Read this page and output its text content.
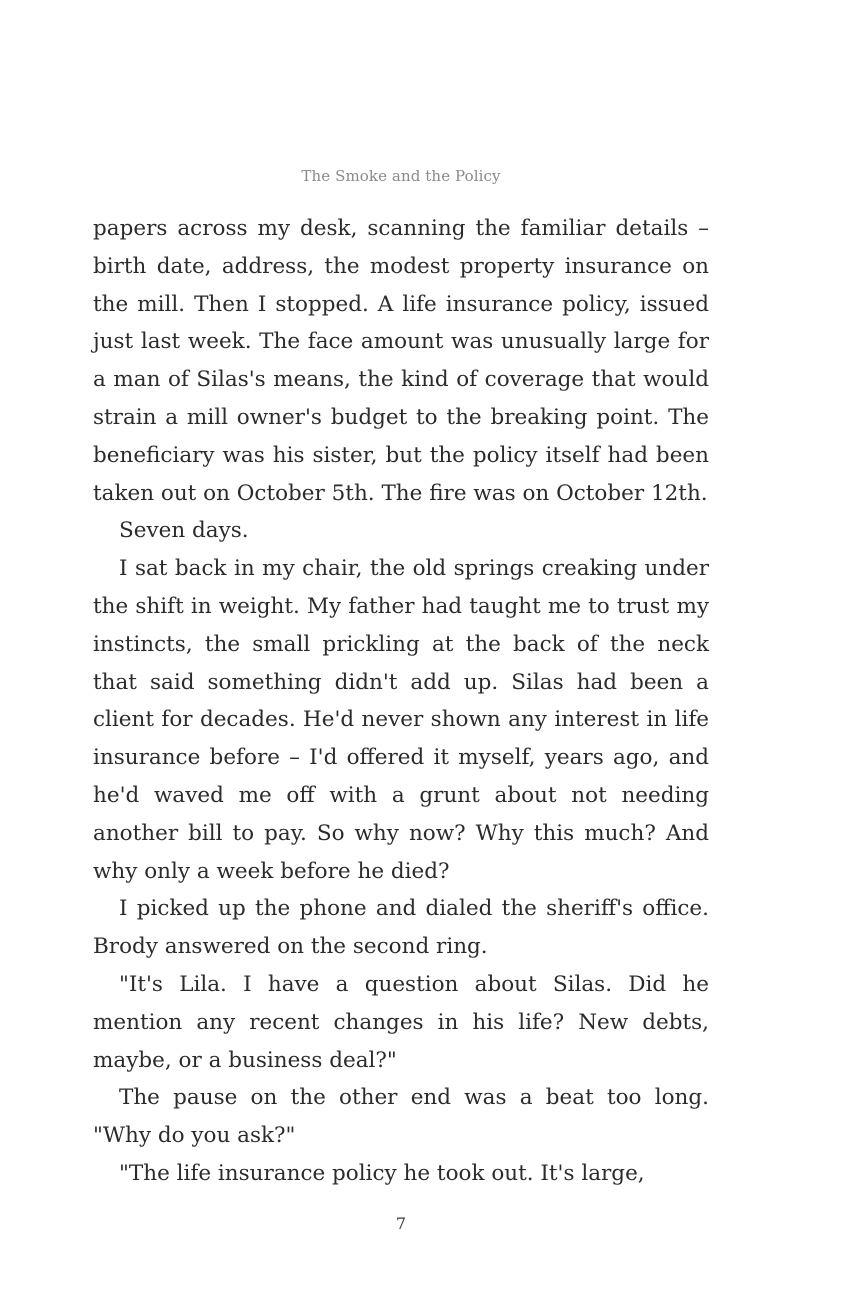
The Smoke and the Policy

papers across my desk, scanning the familiar details – birth date, address, the modest property insurance on the mill. Then I stopped. A life insurance policy, issued just last week. The face amount was unusually large for a man of Silas's means, the kind of coverage that would strain a mill owner's budget to the breaking point. The beneficiary was his sister, but the policy itself had been taken out on October 5th. The fire was on October 12th.

Seven days.

I sat back in my chair, the old springs creaking under the shift in weight. My father had taught me to trust my instincts, the small prickling at the back of the neck that said something didn't add up. Silas had been a client for decades. He'd never shown any interest in life insurance before – I'd offered it myself, years ago, and he'd waved me off with a grunt about not needing another bill to pay. So why now? Why this much? And why only a week before he died?

I picked up the phone and dialed the sheriff's office. Brody answered on the second ring.

"It's Lila. I have a question about Silas. Did he mention any recent changes in his life? New debts, maybe, or a business deal?"

The pause on the other end was a beat too long. "Why do you ask?"

"The life insurance policy he took out. It's large,

7
